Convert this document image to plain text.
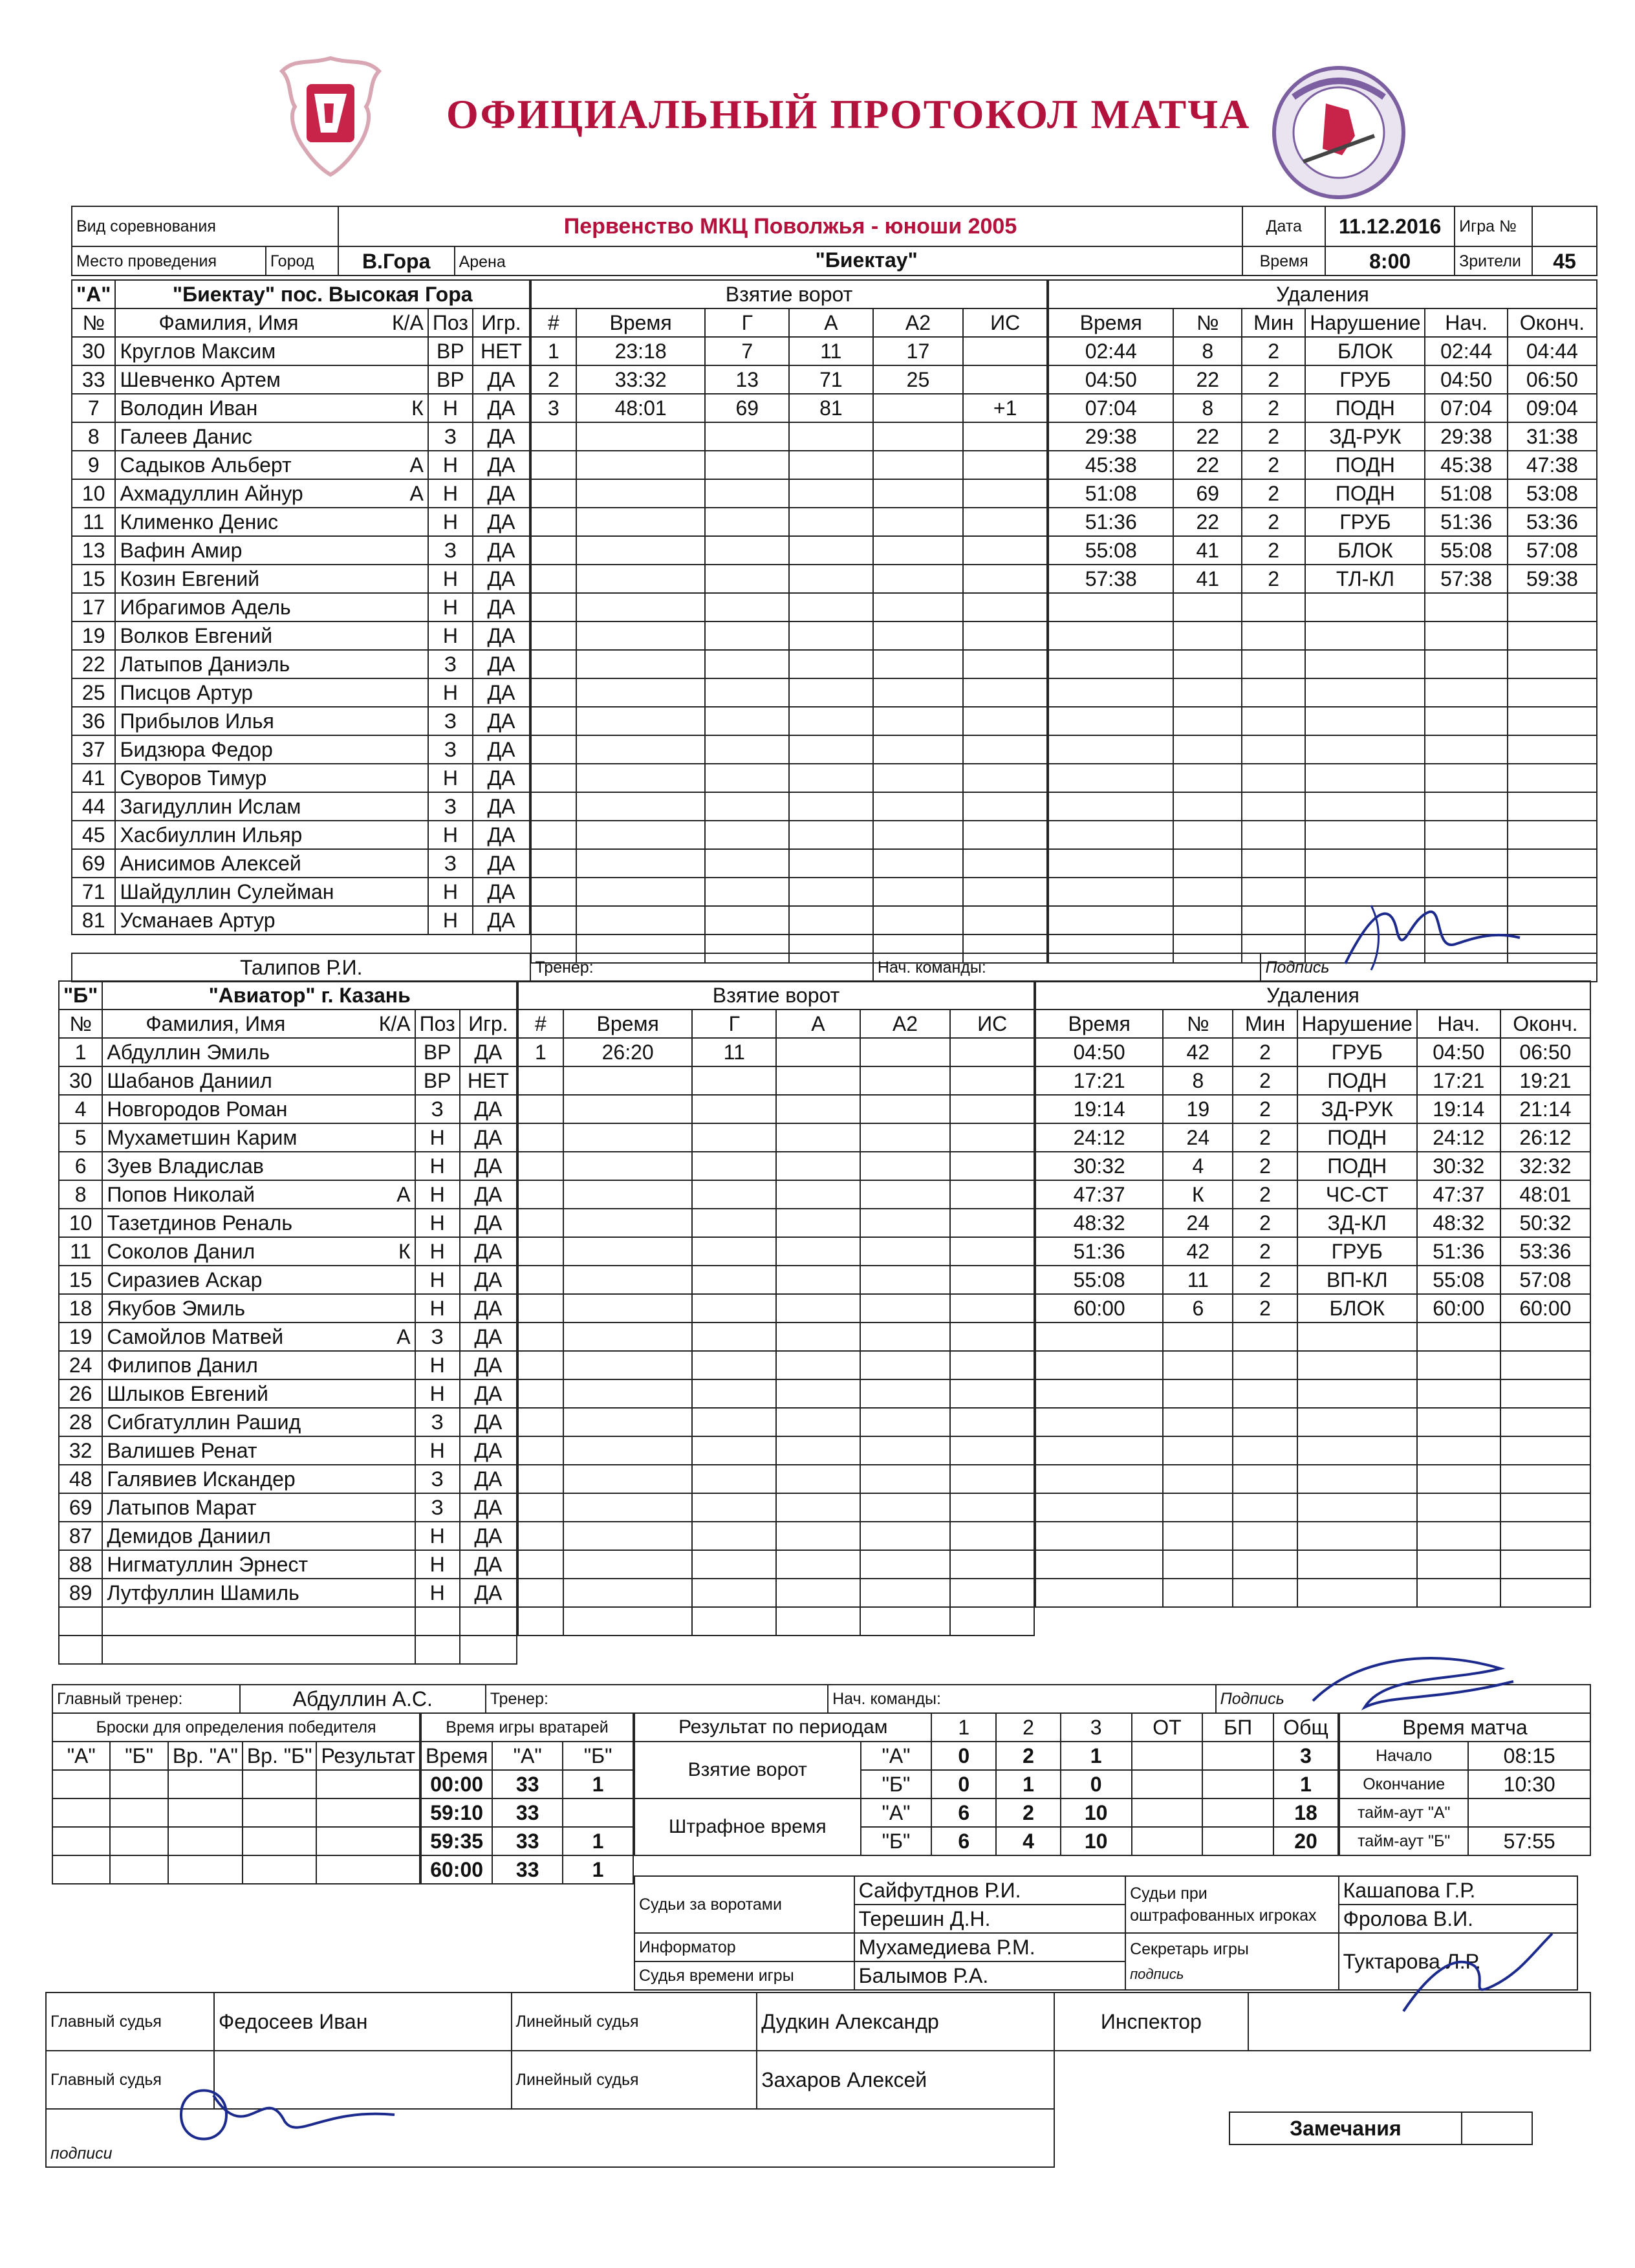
ОФИЦИАЛЬНЫЙ ПРОТОКОЛ МАТЧА
Вид соревнования		Первенство МКЦ Поволжья - юноши 2005		Дата	11.12.2016	Игра №	
Место проведения	Город	В.Гора	Арена "Биектау"	Время	8:00	Зрители	45
"А"	"Биектау" пос. Высокая Гора		
№	Фамилия, Имя К/А	Поз	Игр.
30	Круглов Максим	ВР	НЕТ
33	Шевченко Артем	ВР	ДА
7	Володин Иван К	Н	ДА
8	Галеев Данис	З	ДА
9	Садыков Альберт А	Н	ДА
10	Ахмадуллин Айнур А	Н	ДА
11	Клименко Денис	Н	ДА
13	Вафин Амир	З	ДА
15	Козин Евгений	Н	ДА
17	Ибрагимов Адель	Н	ДА
19	Волков Евгений	Н	ДА
22	Латыпов Даниэль	З	ДА
25	Писцов Артур	Н	ДА
36	Прибылов Илья	З	ДА
37	Бидзюра Федор	З	ДА
41	Суворов Тимур	Н	ДА
44	Загидуллин Ислам	З	ДА
45	Хасбиуллин Ильяр	Н	ДА
69	Анисимов Алексей	З	ДА
71	Шайдуллин Сулейман	Н	ДА
81	Усманаев Артур	Н	ДА
Взятие ворот					
#	Время	Г	А	А2	ИС
1	23:18	7	11	17	
2	33:32	13	71	25	
3	48:01	69	81		+1

Удаления					
Время	№	Мин	Нарушение	Нач.	Оконч.
02:44	8	2	БЛОК	02:44	04:44
04:50	22	2	ГРУБ	04:50	06:50
07:04	8	2	ПОДН	07:04	09:04
29:38	22	2	ЗД-РУК	29:38	31:38
45:38	22	2	ПОДН	45:38	47:38
51:08	69	2	ПОДН	51:08	53:08
51:36	22	2	ГРУБ	51:36	53:36
55:08	41	2	БЛОК	55:08	57:08
57:38	41	2	ТЛ-КЛ	57:38	59:38

Талипов Р.И.	Тренер:	Нач. команды:	Подпись
"Б"	"Авиатор" г. Казань		
№	Фамилия, Имя К/А	Поз	Игр.
1	Абдуллин Эмиль	ВР	ДА
30	Шабанов Даниил	ВР	НЕТ
4	Новгородов Роман	З	ДА
5	Мухаметшин Карим	Н	ДА
6	Зуев Владислав	Н	ДА
8	Попов Николай А	Н	ДА
10	Тазетдинов Реналь	Н	ДА
11	Соколов Данил К	Н	ДА
15	Сиразиев Аскар	Н	ДА
18	Якубов Эмиль	Н	ДА
19	Самойлов Матвей А	З	ДА
24	Филипов Данил	Н	ДА
26	Шлыков Евгений	Н	ДА
28	Сибгатуллин Рашид	З	ДА
32	Валишев Ренат	Н	ДА
48	Галявиев Искандер	З	ДА
69	Латыпов Марат	З	ДА
87	Демидов Даниил	Н	ДА
88	Нигматуллин Эрнест	Н	ДА
89	Лутфуллин Шамиль	Н	ДА

Взятие ворот					
#	Время	Г	А	А2	ИС
1	26:20	11			

Удаления					
Время	№	Мин	Нарушение	Нач.	Оконч.
04:50	42	2	ГРУБ	04:50	06:50
17:21	8	2	ПОДН	17:21	19:21
19:14	19	2	ЗД-РУК	19:14	21:14
24:12	24	2	ПОДН	24:12	26:12
30:32	4	2	ПОДН	30:32	32:32
47:37	К	2	ЧС-СТ	47:37	48:01
48:32	24	2	ЗД-КЛ	48:32	50:32
51:36	42	2	ГРУБ	51:36	53:36
55:08	11	2	ВП-КЛ	55:08	57:08
60:00	6	2	БЛОК	60:00	60:00

Главный тренер:	Абдуллин А.С.	Тренер:	Нач. команды:	Подпись
Броски для определения победителя				
"А"	"Б"	Вр. "А"	Вр. "Б"	Результат

Время игры вратарей		
Время	"А"	"Б"
00:00	33	1
59:10	33	
59:35	33	1
60:00	33	1
Результат по периодам		1	2	3	ОТ	БП	Общ
Взятие ворот	"А"	0	2	1			3
	"Б"	0	1	0			1
Штрафное время	"А"	6	2	10			18
	"Б"	6	4	10			20
Время матча	
Начало	08:15
Окончание	10:30
тайм-аут "А"	
тайм-аут "Б"	57:55
Судьи за воротами	Сайфутднов Р.И.	Судьи при оштрафованных игроках	Кашапова Г.Р.
	Терешин Д.Н.		Фролова В.И.
Информатор	Мухамедиева Р.М.	Секретарь игры
подпись	Туктарова Л.Р.
Судья времени игры	Балымов Р.А.		
Главный судья	Федосеев Иван	Линейный судья	Дудкин Александр	Инспектор	
Главный судья		Линейный судья	Захаров Алексей		
подписи					
Замечания	
